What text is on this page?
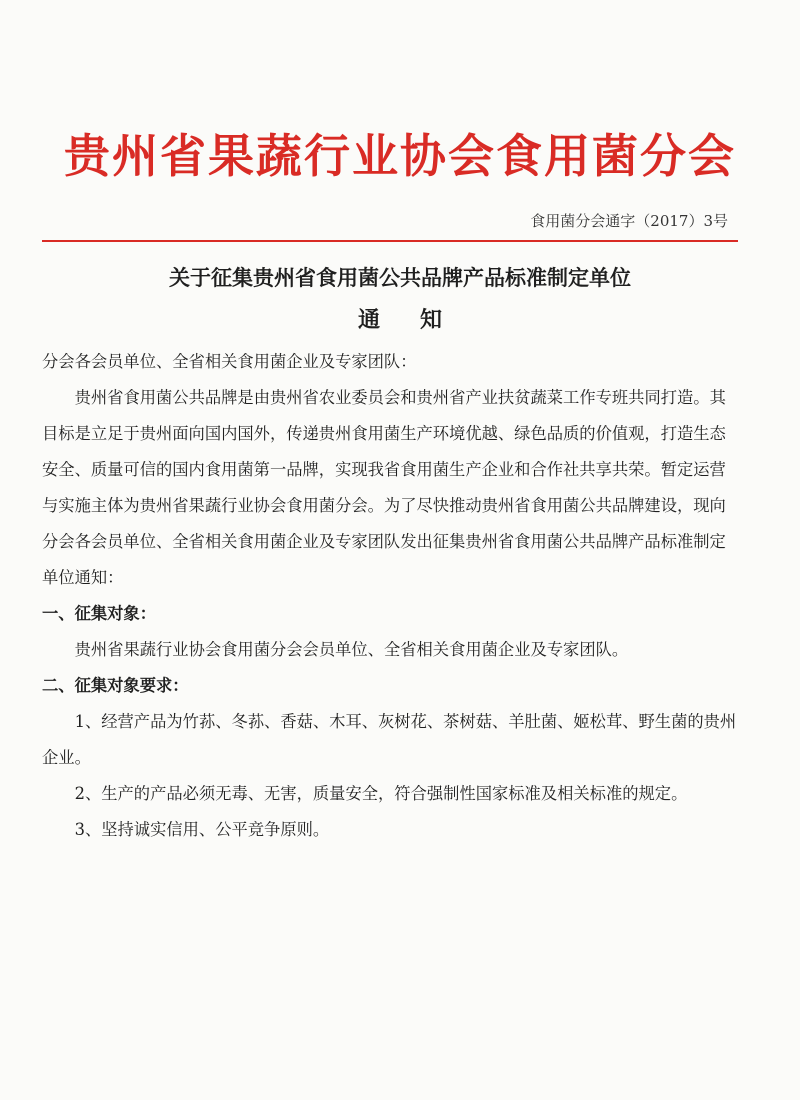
贵州省果蔬行业协会食用菌分会
食用菌分会通字（2017）3号
关于征集贵州省食用菌公共品牌产品标准制定单位
通知

分会各会员单位、全省相关食用菌企业及专家团队：

贵州省食用菌公共品牌是由贵州省农业委员会和贵州省产业扶贫蔬菜工作专班共同打造。其目标是立足于贵州面向国内国外，传递贵州食用菌生产环境优越、绿色品质的价值观，打造生态安全、质量可信的国内食用菌第一品牌，实现我省食用菌生产企业和合作社共享共荣。暂定运营与实施主体为贵州省果蔬行业协会食用菌分会。为了尽快推动贵州省食用菌公共品牌建设，现向分会各会员单位、全省相关食用菌企业及专家团队发出征集贵州省食用菌公共品牌产品标准制定单位通知：

一、征集对象：

贵州省果蔬行业协会食用菌分会会员单位、全省相关食用菌企业及专家团队。

二、征集对象要求：

1、经营产品为竹荪、冬荪、香菇、木耳、灰树花、茶树菇、羊肚菌、姬松茸、野生菌的贵州企业。

2、生产的产品必须无毒、无害，质量安全，符合强制性国家标准及相关标准的规定。

3、坚持诚实信用、公平竞争原则。
